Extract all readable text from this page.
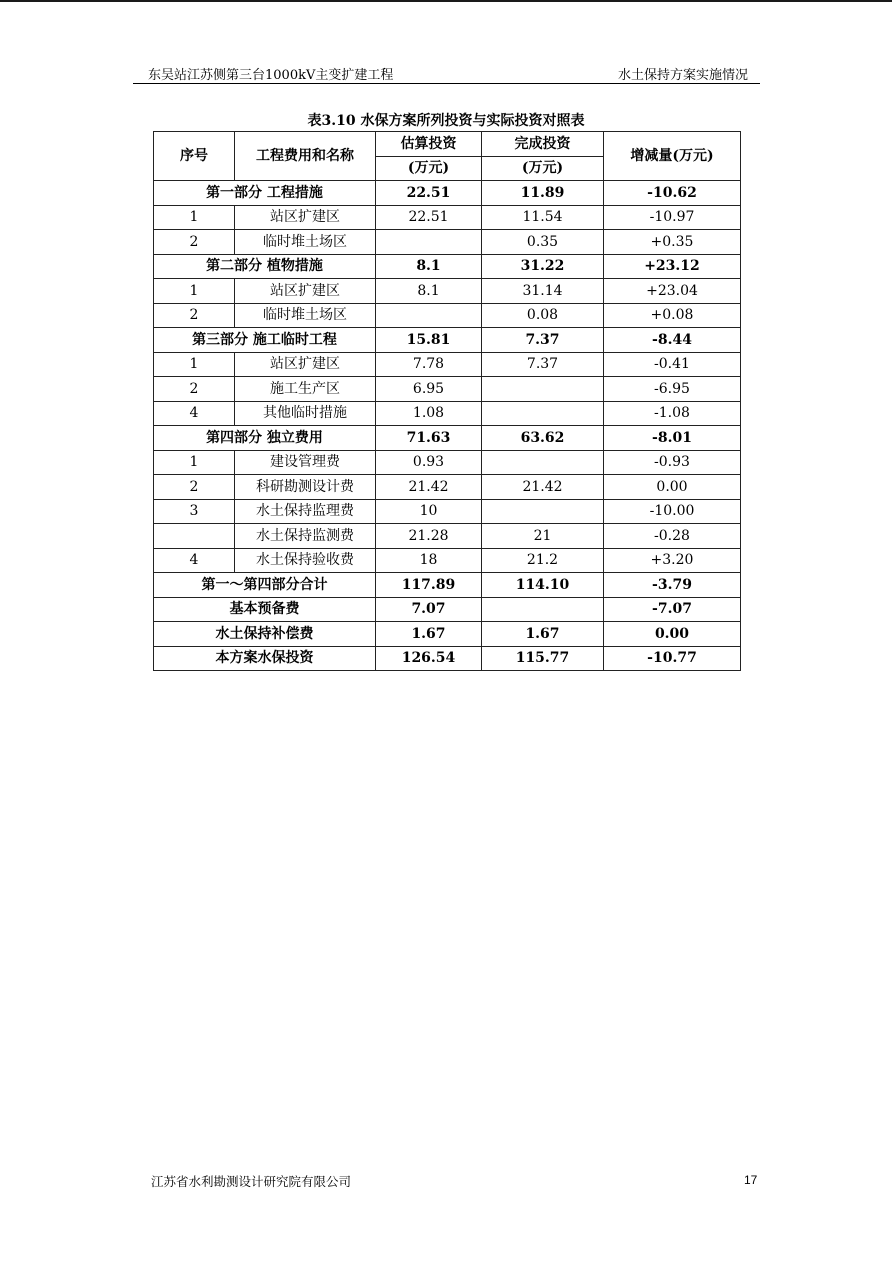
东吴站江苏侧第三台1000kV主变扩建工程	水土保持方案实施情况
表3.10 水保方案所列投资与实际投资对照表
序号	工程费用和名称	估算投资	完成投资	增减量(万元)
		(万元)	(万元)	
第一部分 工程措施		22.51	11.89	-10.62
1	站区扩建区	22.51	11.54	-10.97
2	临时堆土场区		0.35	+0.35
第二部分 植物措施		8.1	31.22	+23.12
1	站区扩建区	8.1	31.14	+23.04
2	临时堆土场区		0.08	+0.08
第三部分 施工临时工程		15.81	7.37	-8.44
1	站区扩建区	7.78	7.37	-0.41
2	施工生产区	6.95		-6.95
4	其他临时措施	1.08		-1.08
第四部分 独立费用		71.63	63.62	-8.01
1	建设管理费	0.93		-0.93
2	科研勘测设计费	21.42	21.42	0.00
3	水土保持监理费	10		-10.00
	水土保持监测费	21.28	21	-0.28
4	水土保持验收费	18	21.2	+3.20
第一～第四部分合计		117.89	114.10	-3.79
基本预备费		7.07		-7.07
水土保持补偿费		1.67	1.67	0.00
本方案水保投资		126.54	115.77	-10.77
江苏省水利勘测设计研究院有限公司	17
